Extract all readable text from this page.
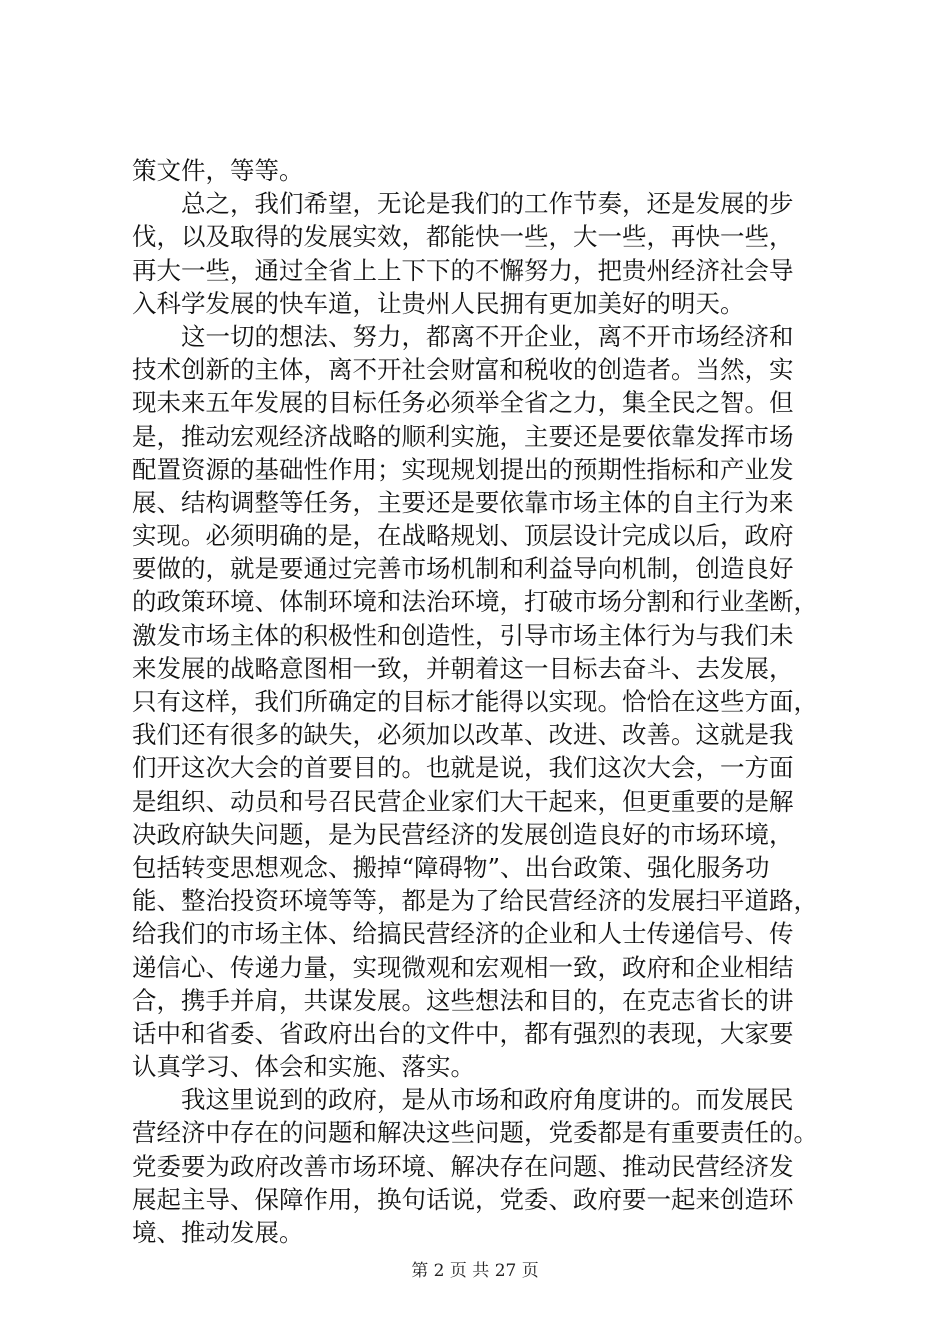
策文件，等等。
总之，我们希望，无论是我们的工作节奏，还是发展的步
伐，以及取得的发展实效，都能快一些，大一些，再快一些，
再大一些，通过全省上上下下的不懈努力，把贵州经济社会导
入科学发展的快车道，让贵州人民拥有更加美好的明天。
这一切的想法、努力，都离不开企业，离不开市场经济和
技术创新的主体，离不开社会财富和税收的创造者。当然，实
现未来五年发展的目标任务必须举全省之力，集全民之智。但
是，推动宏观经济战略的顺利实施，主要还是要依靠发挥市场
配置资源的基础性作用；实现规划提出的预期性指标和产业发
展、结构调整等任务，主要还是要依靠市场主体的自主行为来
实现。必须明确的是，在战略规划、顶层设计完成以后，政府
要做的，就是要通过完善市场机制和利益导向机制，创造良好
的政策环境、体制环境和法治环境，打破市场分割和行业垄断，
激发市场主体的积极性和创造性，引导市场主体行为与我们未
来发展的战略意图相一致，并朝着这一目标去奋斗、去发展，
只有这样，我们所确定的目标才能得以实现。恰恰在这些方面，
我们还有很多的缺失，必须加以改革、改进、改善。这就是我
们开这次大会的首要目的。也就是说，我们这次大会，一方面
是组织、动员和号召民营企业家们大干起来，但更重要的是解
决政府缺失问题，是为民营经济的发展创造良好的市场环境，
包括转变思想观念、搬掉“障碍物”、出台政策、强化服务功
能、整治投资环境等等，都是为了给民营经济的发展扫平道路，
给我们的市场主体、给搞民营经济的企业和人士传递信号、传
递信心、传递力量，实现微观和宏观相一致，政府和企业相结
合，携手并肩，共谋发展。这些想法和目的，在克志省长的讲
话中和省委、省政府出台的文件中，都有强烈的表现，大家要
认真学习、体会和实施、落实。
我这里说到的政府，是从市场和政府角度讲的。而发展民
营经济中存在的问题和解决这些问题，党委都是有重要责任的。
党委要为政府改善市场环境、解决存在问题、推动民营经济发
展起主导、保障作用，换句话说，党委、政府要一起来创造环
境、推动发展。
第 2 页 共 27 页
